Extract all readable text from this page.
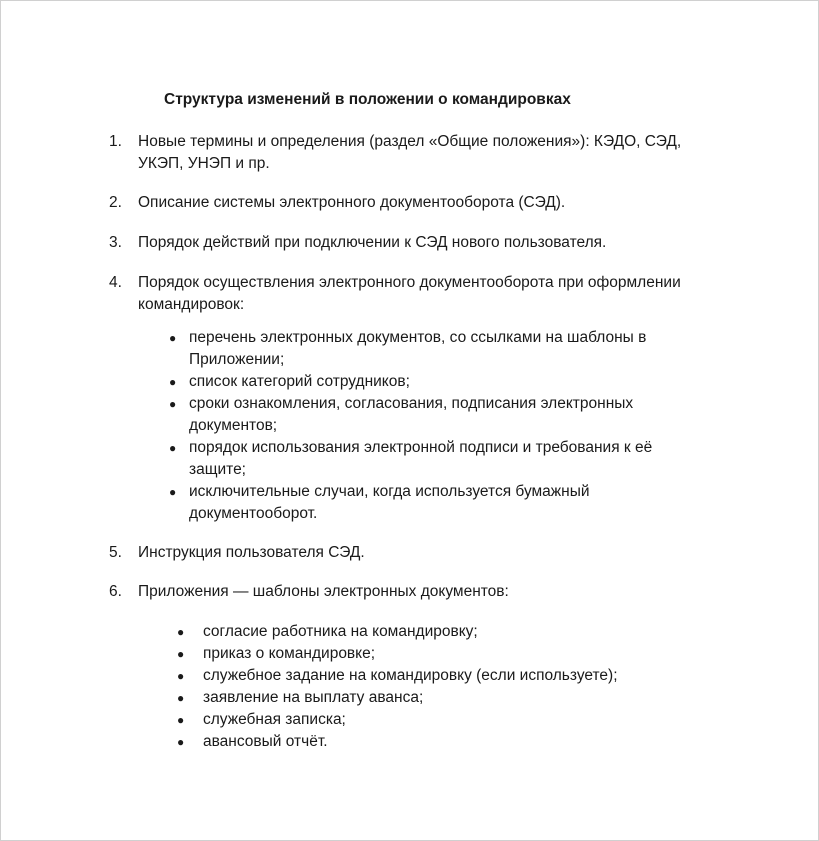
Структура изменений в положении о командировках
1.	Новые термины и определения (раздел «Общие положения»): КЭДО, СЭД,
УКЭП, УНЭП и пр.
2.	Описание системы электронного документооборота (СЭД).
3.	Порядок действий при подключении к СЭД нового пользователя.
4.	Порядок осуществления электронного документооборота при оформлении
командировок:
● перечень электронных документов, со ссылками на шаблоны в
Приложении;
● список категорий сотрудников;
● сроки ознакомления, согласования, подписания электронных
документов;
● порядок использования электронной подписи и требования к её
защите;
● исключительные случаи, когда используется бумажный
документооборот.
5.	Инструкция пользователя СЭД.
6.	Приложения — шаблоны электронных документов:
● согласие работника на командировку;
● приказ о командировке;
● служебное задание на командировку (если используете);
● заявление на выплату аванса;
● служебная записка;
● авансовый отчёт.
